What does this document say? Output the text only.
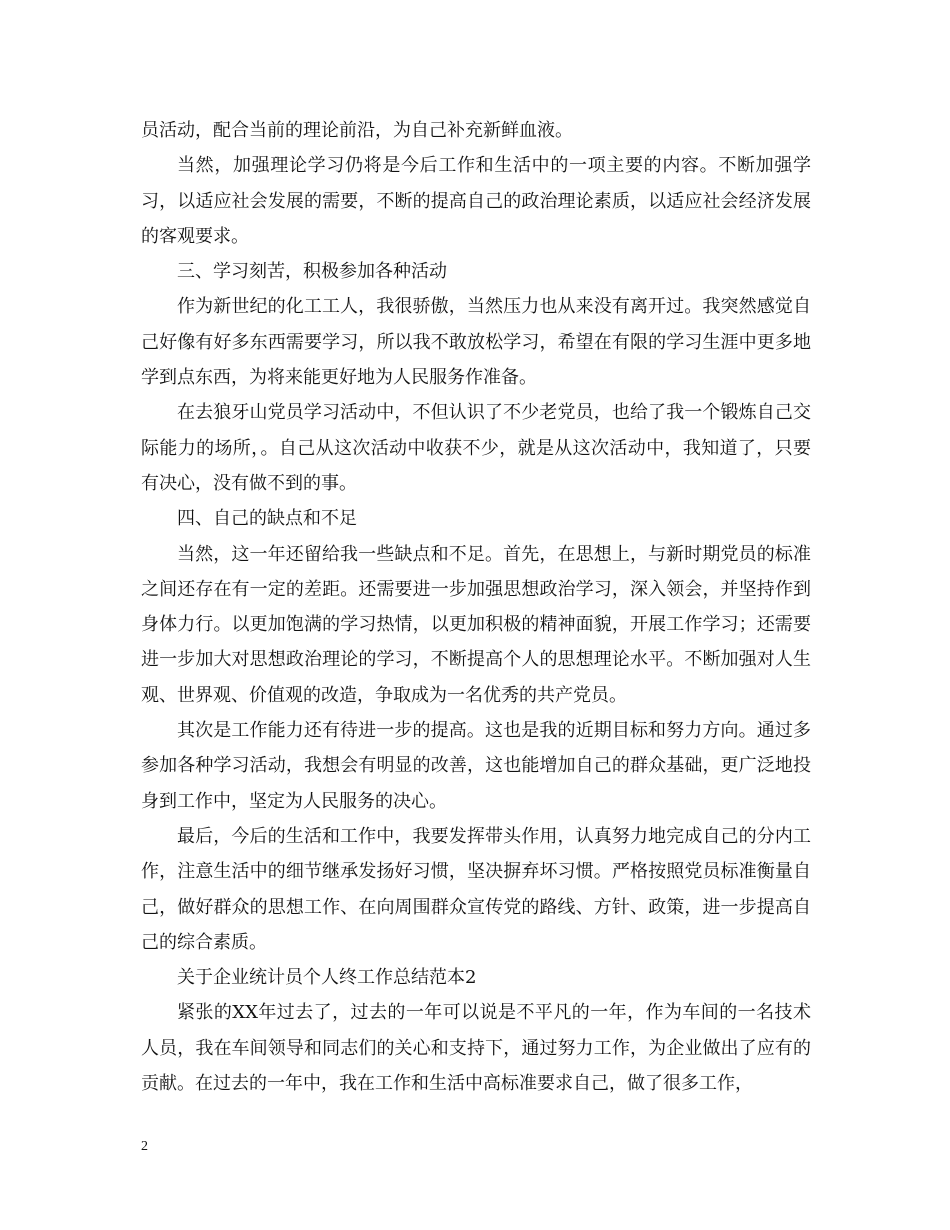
员活动，配合当前的理论前沿，为自己补充新鲜血液。

当然，加强理论学习仍将是今后工作和生活中的一项主要的内容。不断加强学习，以适应社会发展的需要，不断的提高自己的政治理论素质，以适应社会经济发展的客观要求。

三、学习刻苦，积极参加各种活动

作为新世纪的化工工人，我很骄傲，当然压力也从来没有离开过。我突然感觉自己好像有好多东西需要学习，所以我不敢放松学习，希望在有限的学习生涯中更多地学到点东西，为将来能更好地为人民服务作准备。

在去狼牙山党员学习活动中，不但认识了不少老党员，也给了我一个锻炼自己交际能力的场所，。自己从这次活动中收获不少，就是从这次活动中，我知道了，只要有决心，没有做不到的事。

四、自己的缺点和不足

当然，这一年还留给我一些缺点和不足。首先，在思想上，与新时期党员的标准之间还存在有一定的差距。还需要进一步加强思想政治学习，深入领会，并坚持作到身体力行。以更加饱满的学习热情，以更加积极的精神面貌，开展工作学习；还需要进一步加大对思想政治理论的学习，不断提高个人的思想理论水平。不断加强对人生观、世界观、价值观的改造，争取成为一名优秀的共产党员。

其次是工作能力还有待进一步的提高。这也是我的近期目标和努力方向。通过多参加各种学习活动，我想会有明显的改善，这也能增加自己的群众基础，更广泛地投身到工作中，坚定为人民服务的决心。

最后，今后的生活和工作中，我要发挥带头作用，认真努力地完成自己的分内工作，注意生活中的细节继承发扬好习惯，坚决摒弃坏习惯。严格按照党员标准衡量自己，做好群众的思想工作、在向周围群众宣传党的路线、方针、政策，进一步提高自己的综合素质。

关于企业统计员个人终工作总结范本2

紧张的XX年过去了，过去的一年可以说是不平凡的一年，作为车间的一名技术人员，我在车间领导和同志们的关心和支持下，通过努力工作，为企业做出了应有的贡献。在过去的一年中，我在工作和生活中高标准要求自己，做了很多工作，

2
